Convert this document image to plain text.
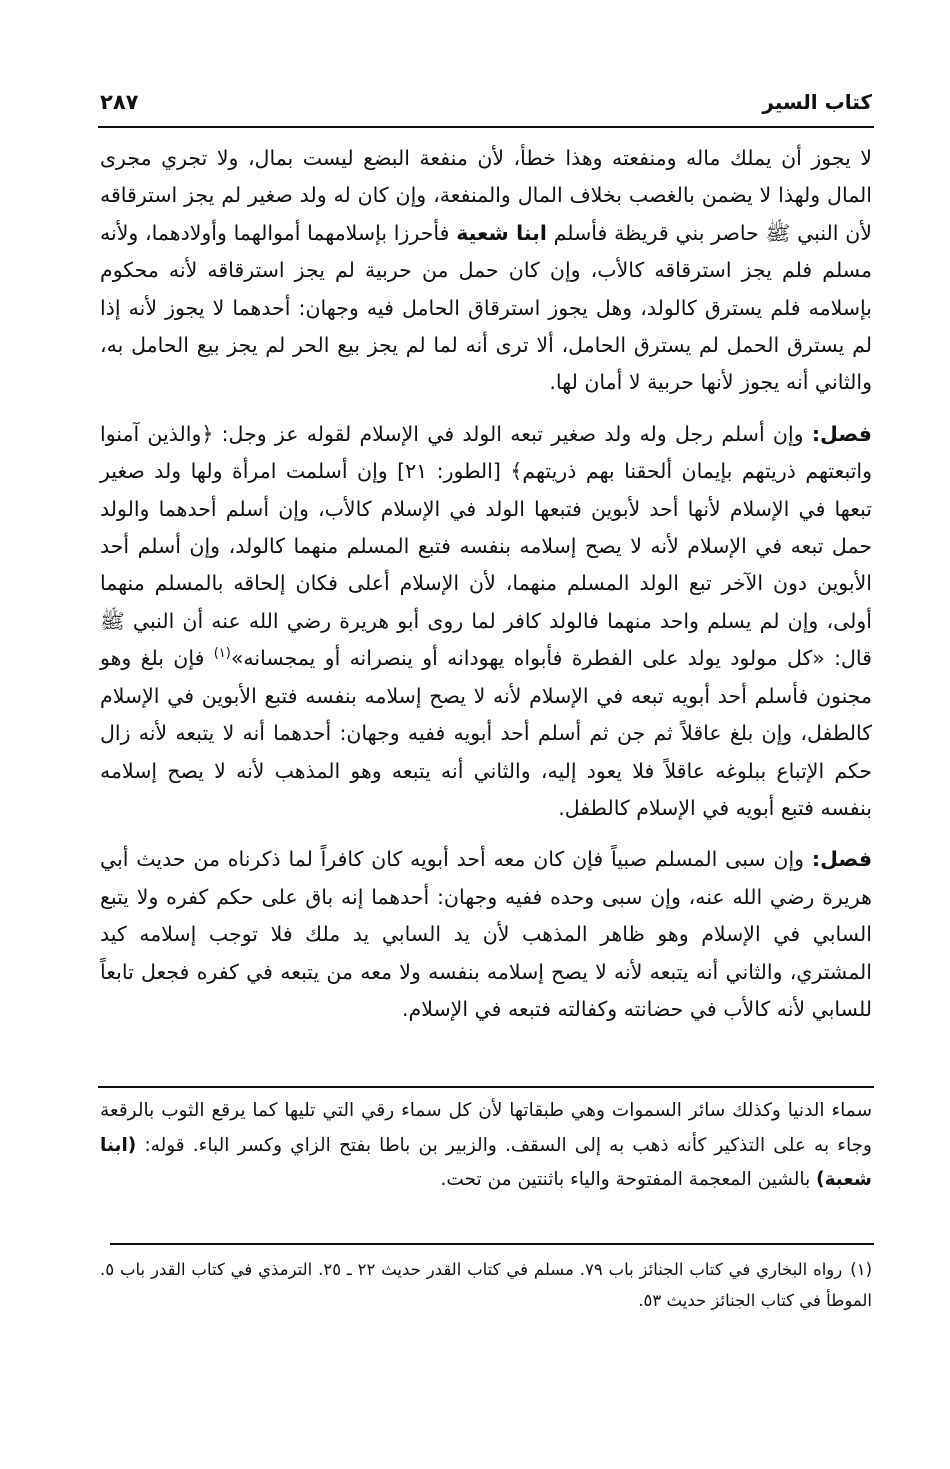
كتاب السير
٢٨٧

لا يجوز أن يملك ماله ومنفعته وهذا خطأ، لأن منفعة البضع ليست بمال، ولا تجري مجرى المال ولهذا لا يضمن بالغصب بخلاف المال والمنفعة، وإن كان له ولد صغير لم يجز استرقاقه لأن النبي ﷺ حاصر بني قريظة فأسلم ابنا شعية فأحرزا بإسلامهما أموالهما وأولادهما، ولأنه مسلم فلم يجز استرقاقه كالأب، وإن كان حمل من حربية لم يجز استرقاقه لأنه محكوم بإسلامه فلم يسترق كالولد، وهل يجوز استرقاق الحامل فيه وجهان: أحدهما لا يجوز لأنه إذا لم يسترق الحمل لم يسترق الحامل، ألا ترى أنه لما لم يجز بيع الحر لم يجز بيع الحامل به، والثاني أنه يجوز لأنها حربية لا أمان لها.

فصل: وإن أسلم رجل وله ولد صغير تبعه الولد في الإسلام لقوله عز وجل: ﴿والذين آمنوا واتبعتهم ذريتهم بإيمان ألحقنا بهم ذريتهم﴾ [الطور: ٢١] وإن أسلمت امرأة ولها ولد صغير تبعها في الإسلام لأنها أحد لأبوين فتبعها الولد في الإسلام كالأب، وإن أسلم أحدهما والولد حمل تبعه في الإسلام لأنه لا يصح إسلامه بنفسه فتبع المسلم منهما كالولد، وإن أسلم أحد الأبوين دون الآخر تبع الولد المسلم منهما، لأن الإسلام أعلى فكان إلحاقه بالمسلم منهما أولى، وإن لم يسلم واحد منهما فالولد كافر لما روى أبو هريرة رضي الله عنه أن النبي ﷺ قال: «كل مولود يولد على الفطرة فأبواه يهودانه أو ينصرانه أو يمجسانه»$^{(١)}$ فإن بلغ وهو مجنون فأسلم أحد أبويه تبعه في الإسلام لأنه لا يصح إسلامه بنفسه فتبع الأبوين في الإسلام كالطفل، وإن بلغ عاقلاً ثم جن ثم أسلم أحد أبويه ففيه وجهان: أحدهما أنه لا يتبعه لأنه زال حكم الإتباع ببلوغه عاقلاً فلا يعود إليه، والثاني أنه يتبعه وهو المذهب لأنه لا يصح إسلامه بنفسه فتبع أبويه في الإسلام كالطفل.

فصل: وإن سبى المسلم صبياً فإن كان معه أحد أبويه كان كافراً لما ذكرناه من حديث أبي هريرة رضي الله عنه، وإن سبى وحده ففيه وجهان: أحدهما إنه باق على حكم كفره ولا يتبع السابي في الإسلام وهو ظاهر المذهب لأن يد السابي يد ملك فلا توجب إسلامه كيد المشتري، والثاني أنه يتبعه لأنه لا يصح إسلامه بنفسه ولا معه من يتبعه في كفره فجعل تابعاً للسابي لأنه كالأب في حضانته وكفالته فتبعه في الإسلام.

سماء الدنيا وكذلك سائر السموات وهي طبقاتها لأن كل سماء رقي التي تليها كما يرقع الثوب بالرقعة وجاء به على التذكير كأنه ذهب به إلى السقف. والزبير بن باطا بفتح الزاي وكسر الباء. قوله: (ابنا شعبة) بالشين المعجمة المفتوحة والياء باثنتين من تحت.

(١)رواه البخاري في كتاب الجنائز باب ٧٩. مسلم في كتاب القدر حديث ٢٢ ـ ٢٥. الترمذي في كتاب القدر باب ٥. الموطأ في كتاب الجنائز حديث ٥٣.
